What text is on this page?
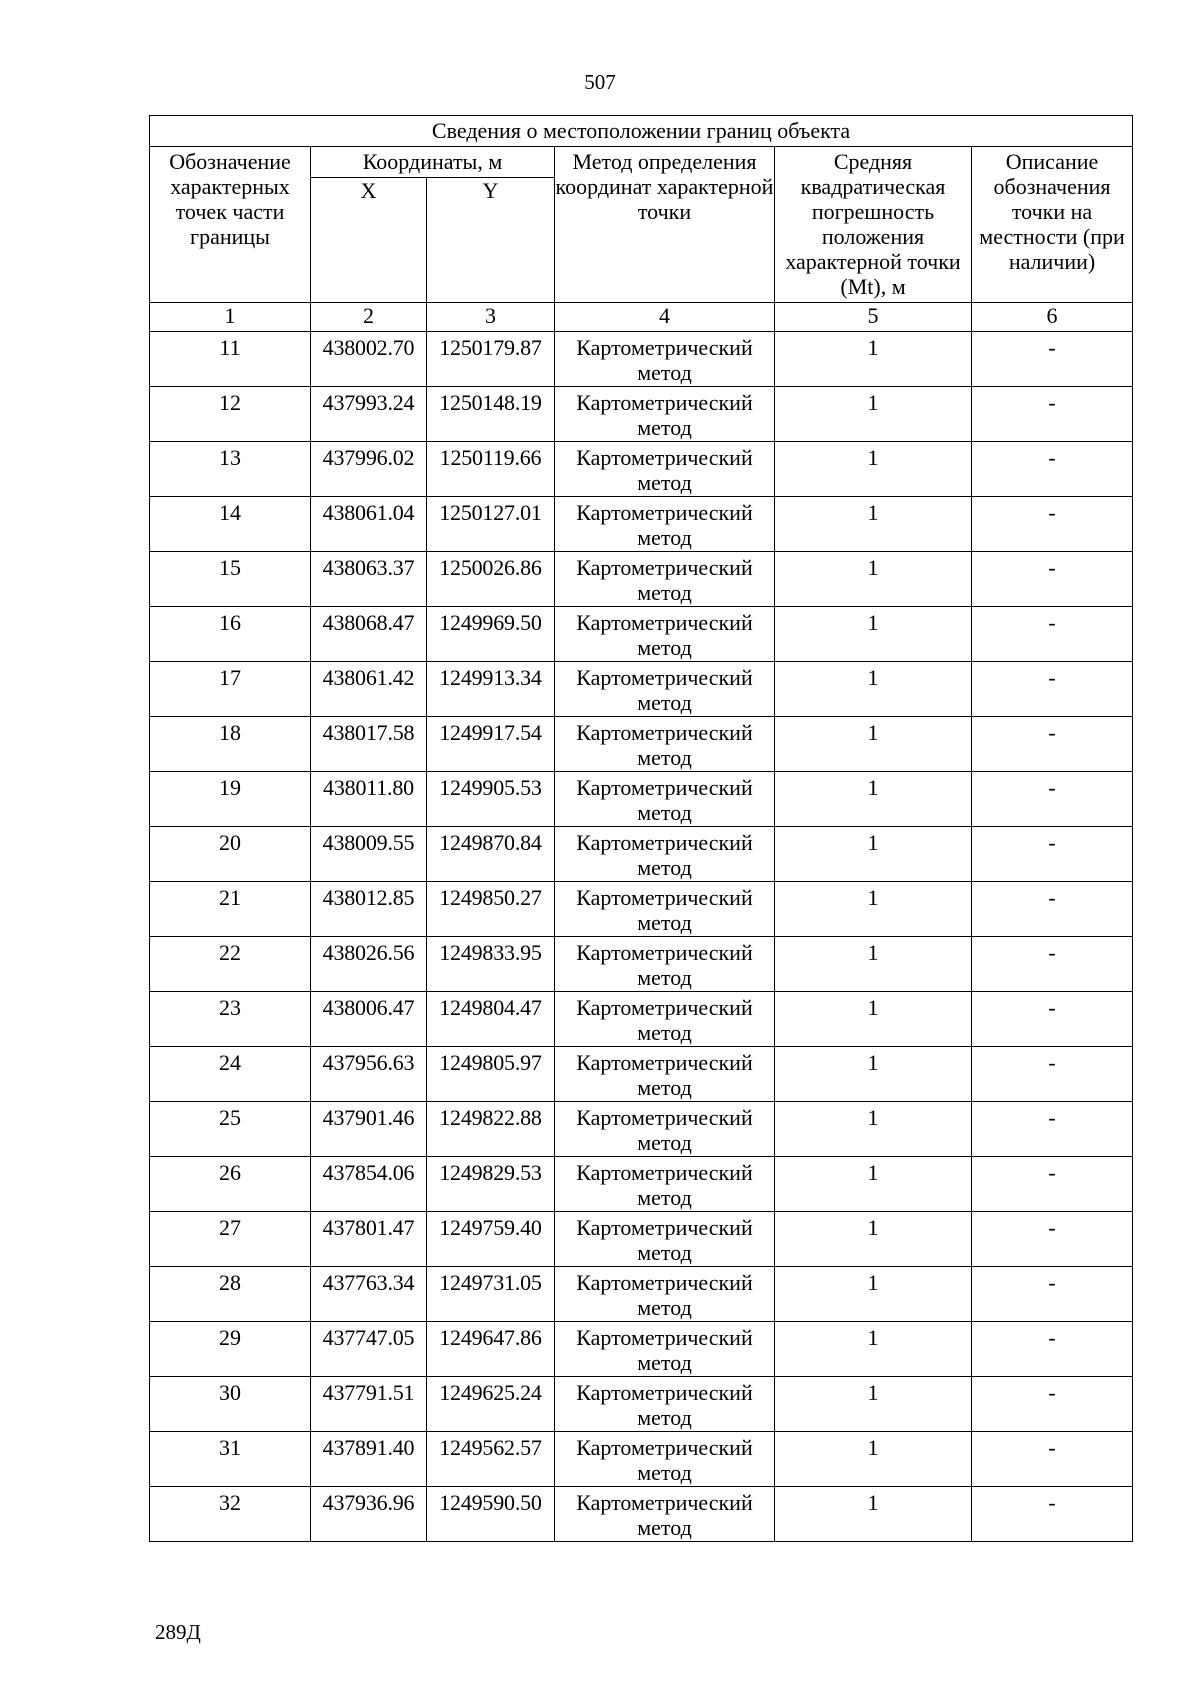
507
Сведения о местоположении границ объекта					
Обозначение характерных точек части границы	Координаты, м		Метод определения координат характерной точки	Средняя квадратическая погрешность положения характерной точки (Mt), м	Описание обозначения точки на местности (при наличии)
	X	Y			
1	2	3	4	5	6
11	438002.70	1250179.87	Картометрический метод	1	-
12	437993.24	1250148.19	Картометрический метод	1	-
13	437996.02	1250119.66	Картометрический метод	1	-
14	438061.04	1250127.01	Картометрический метод	1	-
15	438063.37	1250026.86	Картометрический метод	1	-
16	438068.47	1249969.50	Картометрический метод	1	-
17	438061.42	1249913.34	Картометрический метод	1	-
18	438017.58	1249917.54	Картометрический метод	1	-
19	438011.80	1249905.53	Картометрический метод	1	-
20	438009.55	1249870.84	Картометрический метод	1	-
21	438012.85	1249850.27	Картометрический метод	1	-
22	438026.56	1249833.95	Картометрический метод	1	-
23	438006.47	1249804.47	Картометрический метод	1	-
24	437956.63	1249805.97	Картометрический метод	1	-
25	437901.46	1249822.88	Картометрический метод	1	-
26	437854.06	1249829.53	Картометрический метод	1	-
27	437801.47	1249759.40	Картометрический метод	1	-
28	437763.34	1249731.05	Картометрический метод	1	-
29	437747.05	1249647.86	Картометрический метод	1	-
30	437791.51	1249625.24	Картометрический метод	1	-
31	437891.40	1249562.57	Картометрический метод	1	-
32	437936.96	1249590.50	Картометрический метод	1	-
289Д
